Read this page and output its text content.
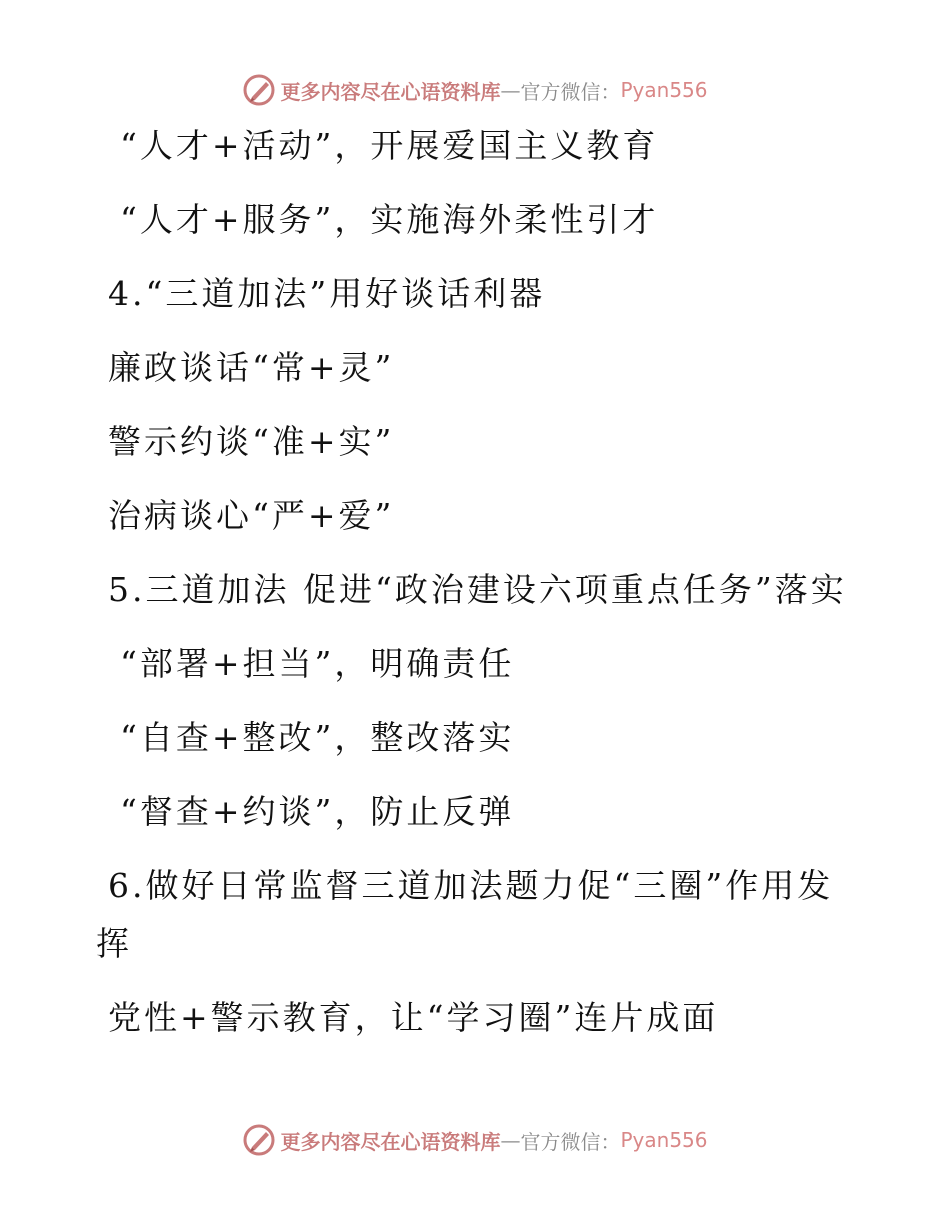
更多内容尽在心语资料库 — 官方微信： Pyan556
“人才+活动”，开展爱国主义教育
“人才+服务”，实施海外柔性引才
4.“三道加法”用好谈话利器
廉政谈话“常+灵”
警示约谈“准+实”
治病谈心“严+爱”
5.三道加法 促进“政治建设六项重点任务”落实
“部署+担当”，明确责任
“自查+整改”，整改落实
“督查+约谈”，防止反弹
6.做好日常监督三道加法题力促“三圈”作用发
挥
党性+警示教育，让“学习圈”连片成面
更多内容尽在心语资料库 — 官方微信： Pyan556
